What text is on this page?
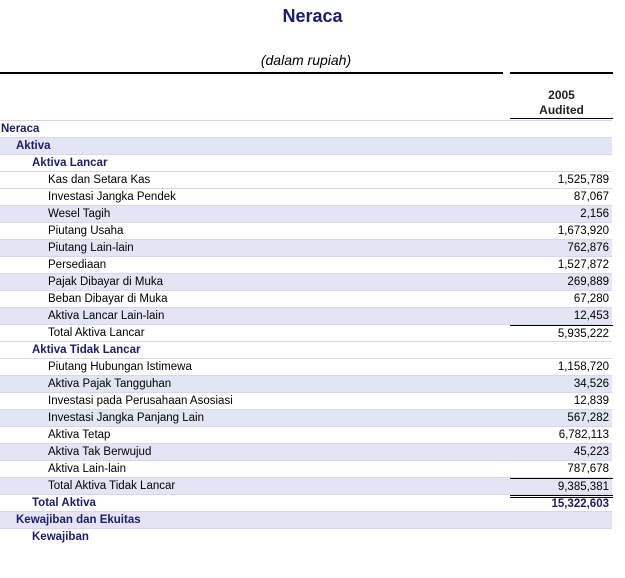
Neraca
(dalam rupiah)
2005
Audited
Neraca
Aktiva
Aktiva Lancar
Kas dan Setara Kas	1,525,789
Investasi Jangka Pendek	87,067
Wesel Tagih	2,156
Piutang Usaha	1,673,920
Piutang Lain-lain	762,876
Persediaan	1,527,872
Pajak Dibayar di Muka	269,889
Beban Dibayar di Muka	67,280
Aktiva Lancar Lain-lain	12,453
Total Aktiva Lancar	5,935,222
Aktiva Tidak Lancar
Piutang Hubungan Istimewa	1,158,720
Aktiva Pajak Tangguhan	34,526
Investasi pada Perusahaan Asosiasi	12,839
Investasi Jangka Panjang Lain	567,282
Aktiva Tetap	6,782,113
Aktiva Tak Berwujud	45,223
Aktiva Lain-lain	787,678
Total Aktiva Tidak Lancar	9,385,381
Total Aktiva	15,322,603
Kewajiban dan Ekuitas
Kewajiban
